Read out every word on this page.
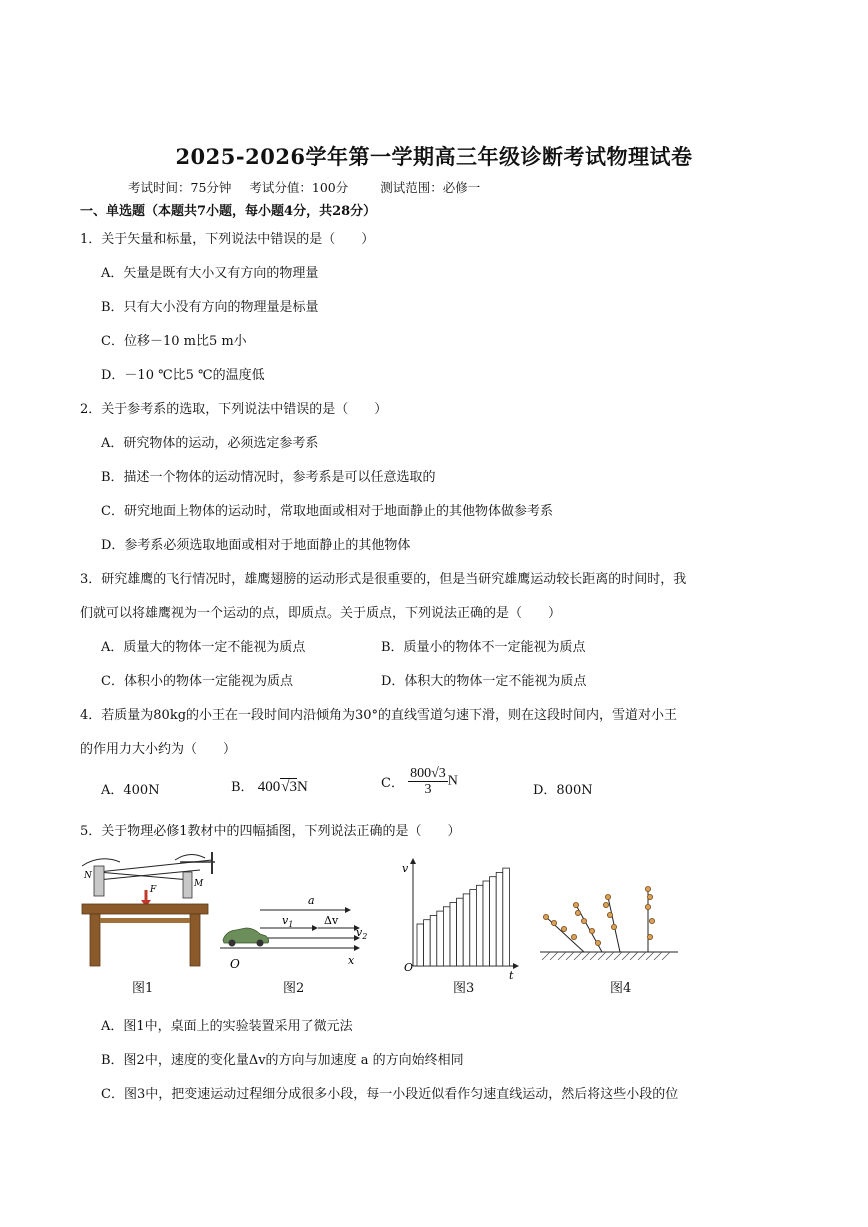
2025-2026学年第一学期高三年级诊断考试物理试卷
考试时间：75分钟 考试分值：100分	测试范围：必修一
一、单选题（本题共7小题，每小题4分，共28分）
1．关于矢量和标量，下列说法中错误的是（　　）
A．矢量是既有大小又有方向的物理量
B．只有大小没有方向的物理量是标量
C．位移－10 m比5 m小
D．－10 ℃比5 ℃的温度低
2．关于参考系的选取，下列说法中错误的是（　　）
A．研究物体的运动，必须选定参考系
B．描述一个物体的运动情况时，参考系是可以任意选取的
C．研究地面上物体的运动时，常取地面或相对于地面静止的其他物体做参考系
D．参考系必须选取地面或相对于地面静止的其他物体
3．研究雄鹰的飞行情况时，雄鹰翅膀的运动形式是很重要的，但是当研究雄鹰运动较长距离的时间时，我
们就可以将雄鹰视为一个运动的点，即质点。关于质点，下列说法正确的是（　　）
A．质量大的物体一定不能视为质点	B．质量小的物体不一定能视为质点
C．体积小的物体一定能视为质点	D．体积大的物体一定不能视为质点
4．若质量为80kg的小王在一段时间内沿倾角为30°的直线雪道匀速下滑，则在这段时间内，雪道对小王
的作用力大小约为（　　）
A．400N	B． 400√3N	C． $\frac{800√3}{3}$ N
D．800N
5．关于物理必修1教材中的四幅插图，下列说法正确的是（　　）
N
M
F
图1
a
$v_1$	Δv
$v_2$
O	x
图2
v
O
t
图3	图4
A．图1中，桌面上的实验装置采用了微元法
B．图2中，速度的变化量Δv的方向与加速度 a 的方向始终相同
C．图3中，把变速运动过程细分成很多小段，每一小段近似看作匀速直线运动，然后将这些小段的位
